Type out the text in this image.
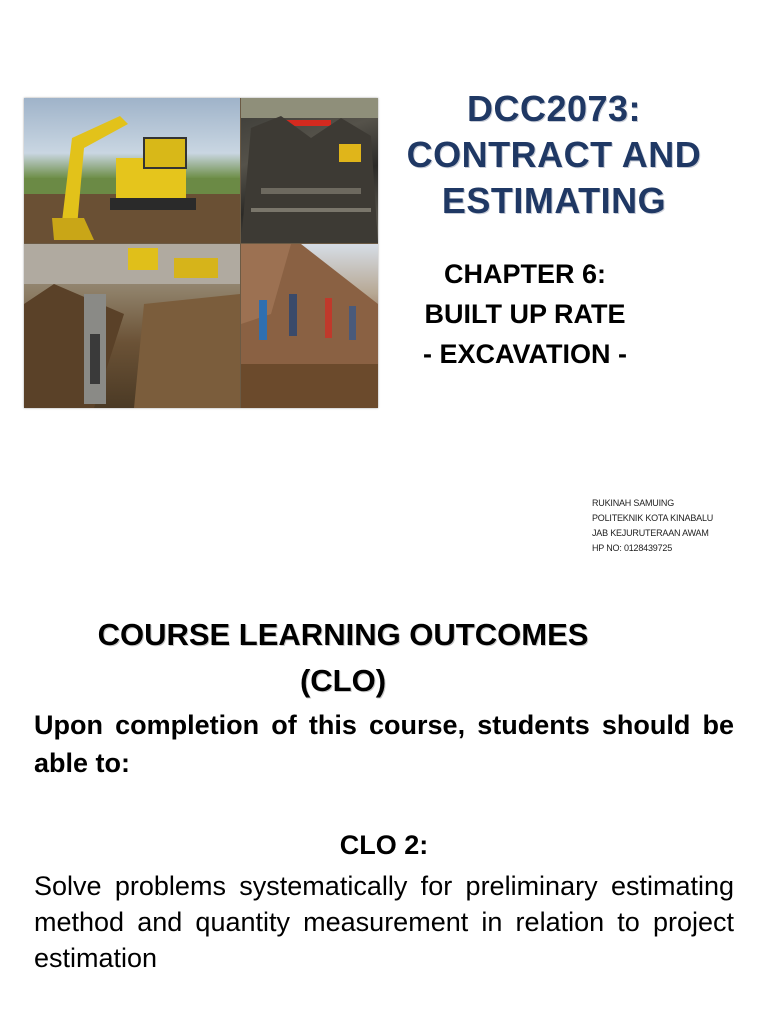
DCC2073:
CONTRACT AND
ESTIMATING
CHAPTER 6:
BUILT UP RATE
- EXCAVATION -
RUKINAH SAMUING
POLITEKNIK KOTA KINABALU
JAB KEJURUTERAAN AWAM
HP NO: 0128439725
COURSE LEARNING OUTCOMES
(CLO)
Upon completion of this course, students should be able to:
CLO 2:
Solve problems systematically for preliminary estimating method and quantity measurement in relation to project estimation
